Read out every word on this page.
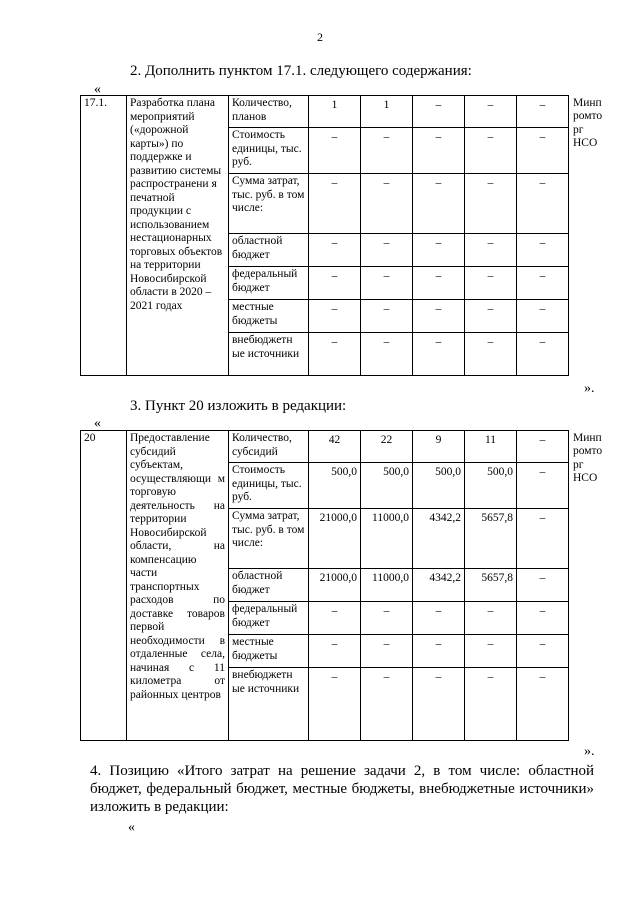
2
2. Дополнить пунктом 17.1. следующего содержания:
«
17.1.	Разработка плана мероприятий («дорожной карты») по поддержке и развитию системы распространени я печатной продукции с использованием нестационарных торговых объектов на территории Новосибирской области в 2020 – 2021 годах	Количество, планов	1	1	–	–	–	Минп ромто рг НСО
		Стоимость единицы, тыс. руб.	–	–	–	–	–	
		Сумма затрат, тыс. руб. в том числе:	–	–	–	–	–	
		областной бюджет	–	–	–	–	–	
		федеральный бюджет	–	–	–	–	–	
		местные бюджеты	–	–	–	–	–	
		внебюджетн ые источники	–	–	–	–	–	
».
3. Пункт 20 изложить в редакции:
«
20	Предоставление субсидий субъектам, осуществляющи м торговую деятельность на территории Новосибирской области, на компенсацию части транспортных расходов по доставке товаров первой необходимости в отдаленные села, начиная с 11 километра от районных центров	Количество, субсидий	42	22	9	11	–	Минп ромто рг НСО
		Стоимость единицы, тыс. руб.	500,0	500,0	500,0	500,0	–	
		Сумма затрат, тыс. руб. в том числе:	21000,0	11000,0	4342,2	5657,8	–	
		областной бюджет	21000,0	11000,0	4342,2	5657,8	–	
		федеральный бюджет	–	–	–	–	–	
		местные бюджеты	–	–	–	–	–	
		внебюджетн ые источники	–	–	–	–	–	
».
4. Позицию «Итого затрат на решение задачи 2, в том числе: областной бюджет, федеральный бюджет, местные бюджеты, внебюджетные источники» изложить в редакции:
«
